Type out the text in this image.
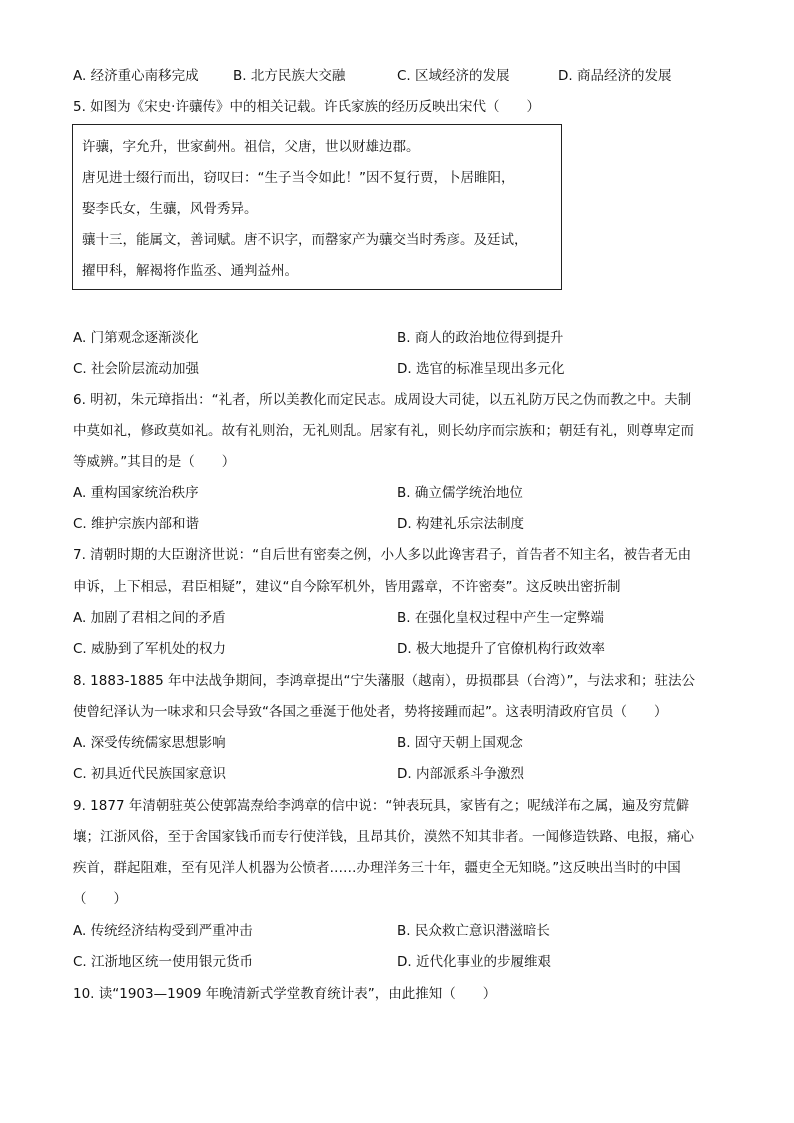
A. 经济重心南移完成	B. 北方民族大交融	C. 区域经济的发展	D. 商品经济的发展
5. 如图为《宋史·许骧传》中的相关记载。许氏家族的经历反映出宋代（　　）
许骧，字允升，世家蓟州。祖信，父唐，世以财雄边郡。
唐见进士缀行而出，窃叹曰：“生子当令如此！”因不复行贾，卜居睢阳，
娶李氏女，生骧，风骨秀异。
骧十三，能属文，善词赋。唐不识字，而罄家产为骧交当时秀彦。及廷试，
擢甲科，解褐将作监丞、通判益州。
A. 门第观念逐渐淡化	B. 商人的政治地位得到提升
C. 社会阶层流动加强	D. 选官的标准呈现出多元化
6. 明初，朱元璋指出：“礼者，所以美教化而定民志。成周设大司徒，以五礼防万民之伪而教之中。夫制
中莫如礼，修政莫如礼。故有礼则治，无礼则乱。居家有礼，则长幼序而宗族和；朝廷有礼，则尊卑定而
等威辨。”其目的是（　　）
A. 重构国家统治秩序	B. 确立儒学统治地位
C. 维护宗族内部和谐	D. 构建礼乐宗法制度
7. 清朝时期的大臣谢济世说：“自后世有密奏之例，小人多以此谗害君子，首告者不知主名，被告者无由
申诉，上下相忌，君臣相疑”，建议“自今除军机外，皆用露章，不许密奏”。这反映出密折制
A. 加剧了君相之间的矛盾	B. 在强化皇权过程中产生一定弊端
C. 威胁到了军机处的权力	D. 极大地提升了官僚机构行政效率
8. 1883-1885 年中法战争期间，李鸿章提出“宁失藩服（越南），毋损郡县（台湾）”，与法求和；驻法公
使曾纪泽认为一味求和只会导致“各国之垂涎于他处者，势将接踵而起”。这表明清政府官员（　　）
A. 深受传统儒家思想影响	B. 固守天朝上国观念
C. 初具近代民族国家意识	D. 内部派系斗争激烈
9. 1877 年清朝驻英公使郭嵩焘给李鸿章的信中说：“钟表玩具，家皆有之；呢绒洋布之属，遍及穷荒僻
壤；江浙风俗，至于舍国家钱币而专行使洋钱，且昂其价，漠然不知其非者。一闻修造铁路、电报，痛心
疾首，群起阻难，至有见洋人机器为公愤者……办理洋务三十年，疆吏全无知晓。”这反映出当时的中国
（　　）
A. 传统经济结构受到严重冲击	B. 民众救亡意识潜滋暗长
C. 江浙地区统一使用银元货币	D. 近代化事业的步履维艰
10. 读“1903—1909 年晚清新式学堂教育统计表”，由此推知（　　）
